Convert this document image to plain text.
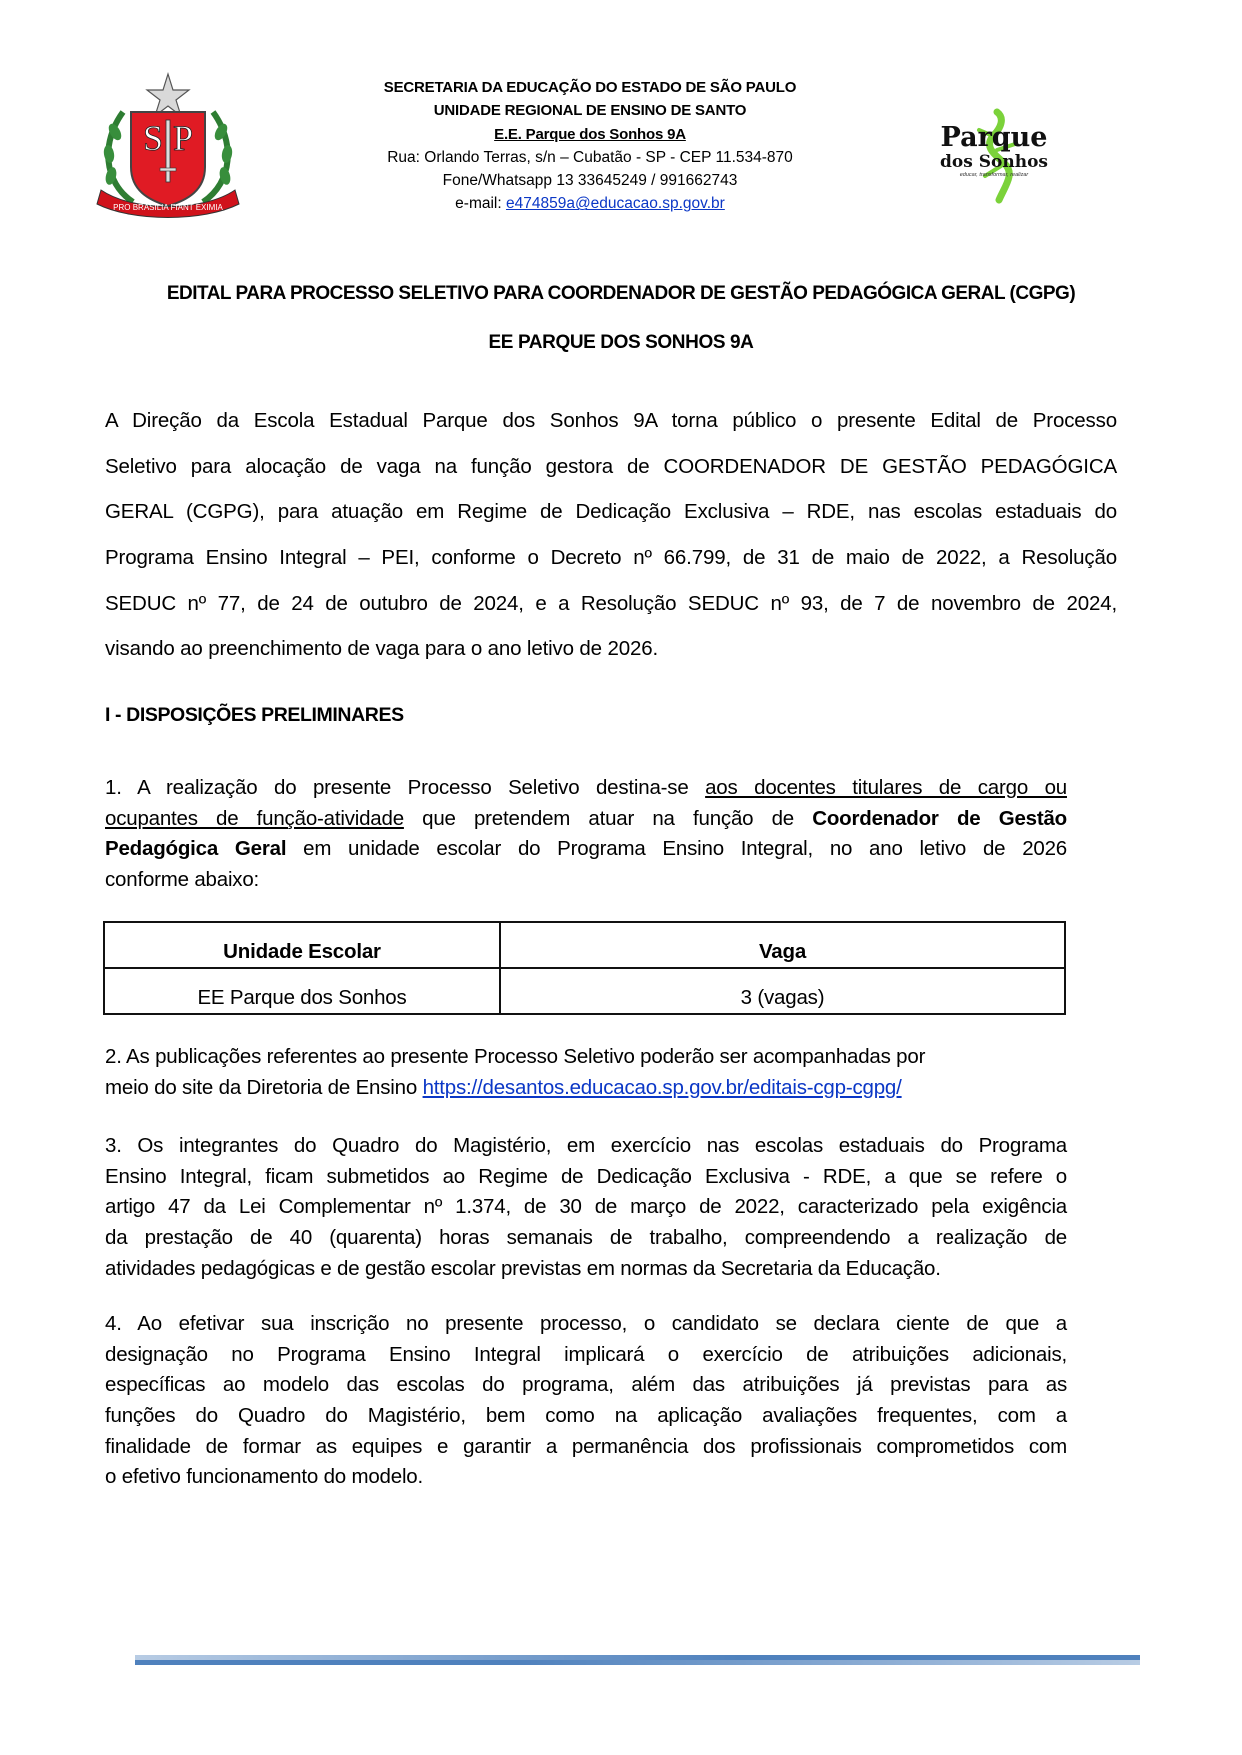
S P
PRO BRASILIA FIANT EXIMIA
SECRETARIA DA EDUCAÇÃO DO ESTADO DE SÃO PAULO
UNIDADE REGIONAL DE ENSINO DE SANTO
E.E. Parque dos Sonhos 9A
Rua: Orlando Terras, s/n – Cubatão - SP - CEP 11.534-870
Fone/Whatsapp 13 33645249 / 991662743
e-mail: e474859a@educacao.sp.gov.br
Parque
dos Sonhos
educar, transformar, realizar
EDITAL PARA PROCESSO SELETIVO PARA COORDENADOR DE GESTÃO PEDAGÓGICA GERAL (CGPG)
EE PARQUE DOS SONHOS 9A
A Direção da Escola Estadual Parque dos Sonhos 9A torna público o presente Edital de Processo
Seletivo para alocação de vaga na função gestora de COORDENADOR DE GESTÃO PEDAGÓGICA
GERAL (CGPG), para atuação em Regime de Dedicação Exclusiva – RDE, nas escolas estaduais do
Programa Ensino Integral – PEI, conforme o Decreto nº 66.799, de 31 de maio de 2022, a Resolução
SEDUC nº 77, de 24 de outubro de 2024, e a Resolução SEDUC nº 93, de 7 de novembro de 2024,
visando ao preenchimento de vaga para o ano letivo de 2026.
I - DISPOSIÇÕES PRELIMINARES
1. A realização do presente Processo Seletivo destina-se aos docentes titulares de cargo ou
ocupantes de função-atividade que pretendem atuar na função de Coordenador de Gestão
Pedagógica Geral em unidade escolar do Programa Ensino Integral, no ano letivo de 2026
conforme abaixo:
Unidade Escolar	Vaga
EE Parque dos Sonhos	3 (vagas)
2. As publicações referentes ao presente Processo Seletivo poderão ser acompanhadas por
meio do site da Diretoria de Ensino https://desantos.educacao.sp.gov.br/editais-cgp-cgpg/
3. Os integrantes do Quadro do Magistério, em exercício nas escolas estaduais do Programa
Ensino Integral, ficam submetidos ao Regime de Dedicação Exclusiva - RDE, a que se refere o
artigo 47 da Lei Complementar nº 1.374, de 30 de março de 2022, caracterizado pela exigência
da prestação de 40 (quarenta) horas semanais de trabalho, compreendendo a realização de
atividades pedagógicas e de gestão escolar previstas em normas da Secretaria da Educação.
4. Ao efetivar sua inscrição no presente processo, o candidato se declara ciente de que a
designação no Programa Ensino Integral implicará o exercício de atribuições adicionais,
específicas ao modelo das escolas do programa, além das atribuições já previstas para as
funções do Quadro do Magistério, bem como na aplicação avaliações frequentes, com a
finalidade de formar as equipes e garantir a permanência dos profissionais comprometidos com
o efetivo funcionamento do modelo.
